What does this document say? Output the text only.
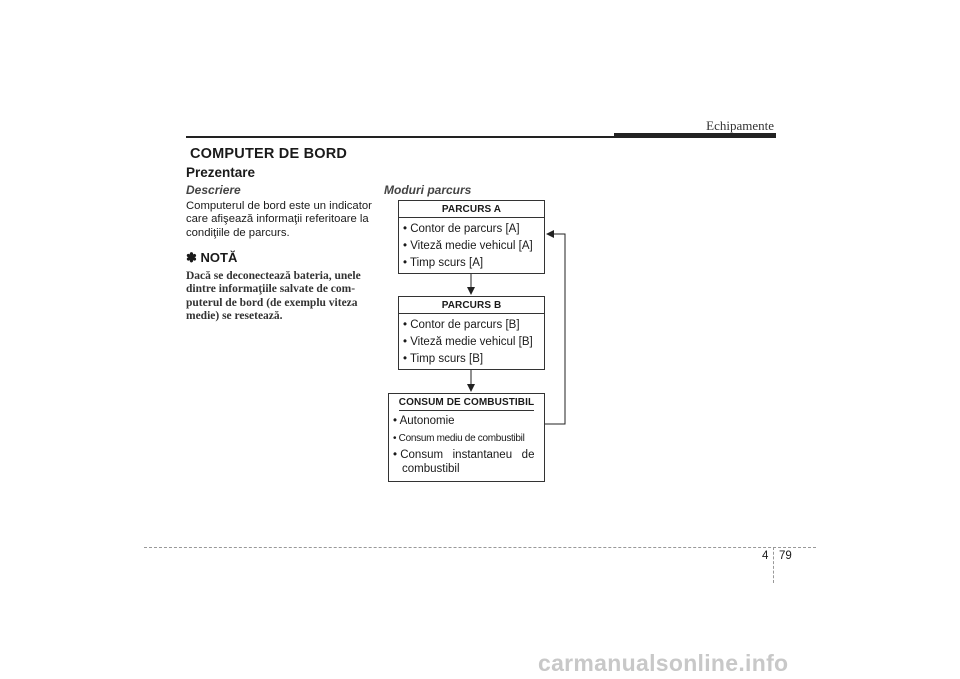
Echipamente
COMPUTER DE BORD
Prezentare
Descriere
Computerul de bord este un indicator
care afişează informaţii referitoare la
condiţiile de parcurs.
✽ NOTĂ
Dacă se deconectează bateria, unele
dintre informaţiile salvate de com-
puterul de bord (de exemplu viteza
medie) se resetează.
Moduri parcurs
PARCURS A
• Contor de parcurs [A]
• Viteză medie vehicul [A]
• Timp scurs [A]
PARCURS B
• Contor de parcurs [B]
• Viteză medie vehicul [B]
• Timp scurs [B]
CONSUM DE COMBUSTIBIL
• Autonomie
• Consum mediu de combustibil
• Consum   instantaneu   de
combustibil
4 79
carmanualsonline.info
